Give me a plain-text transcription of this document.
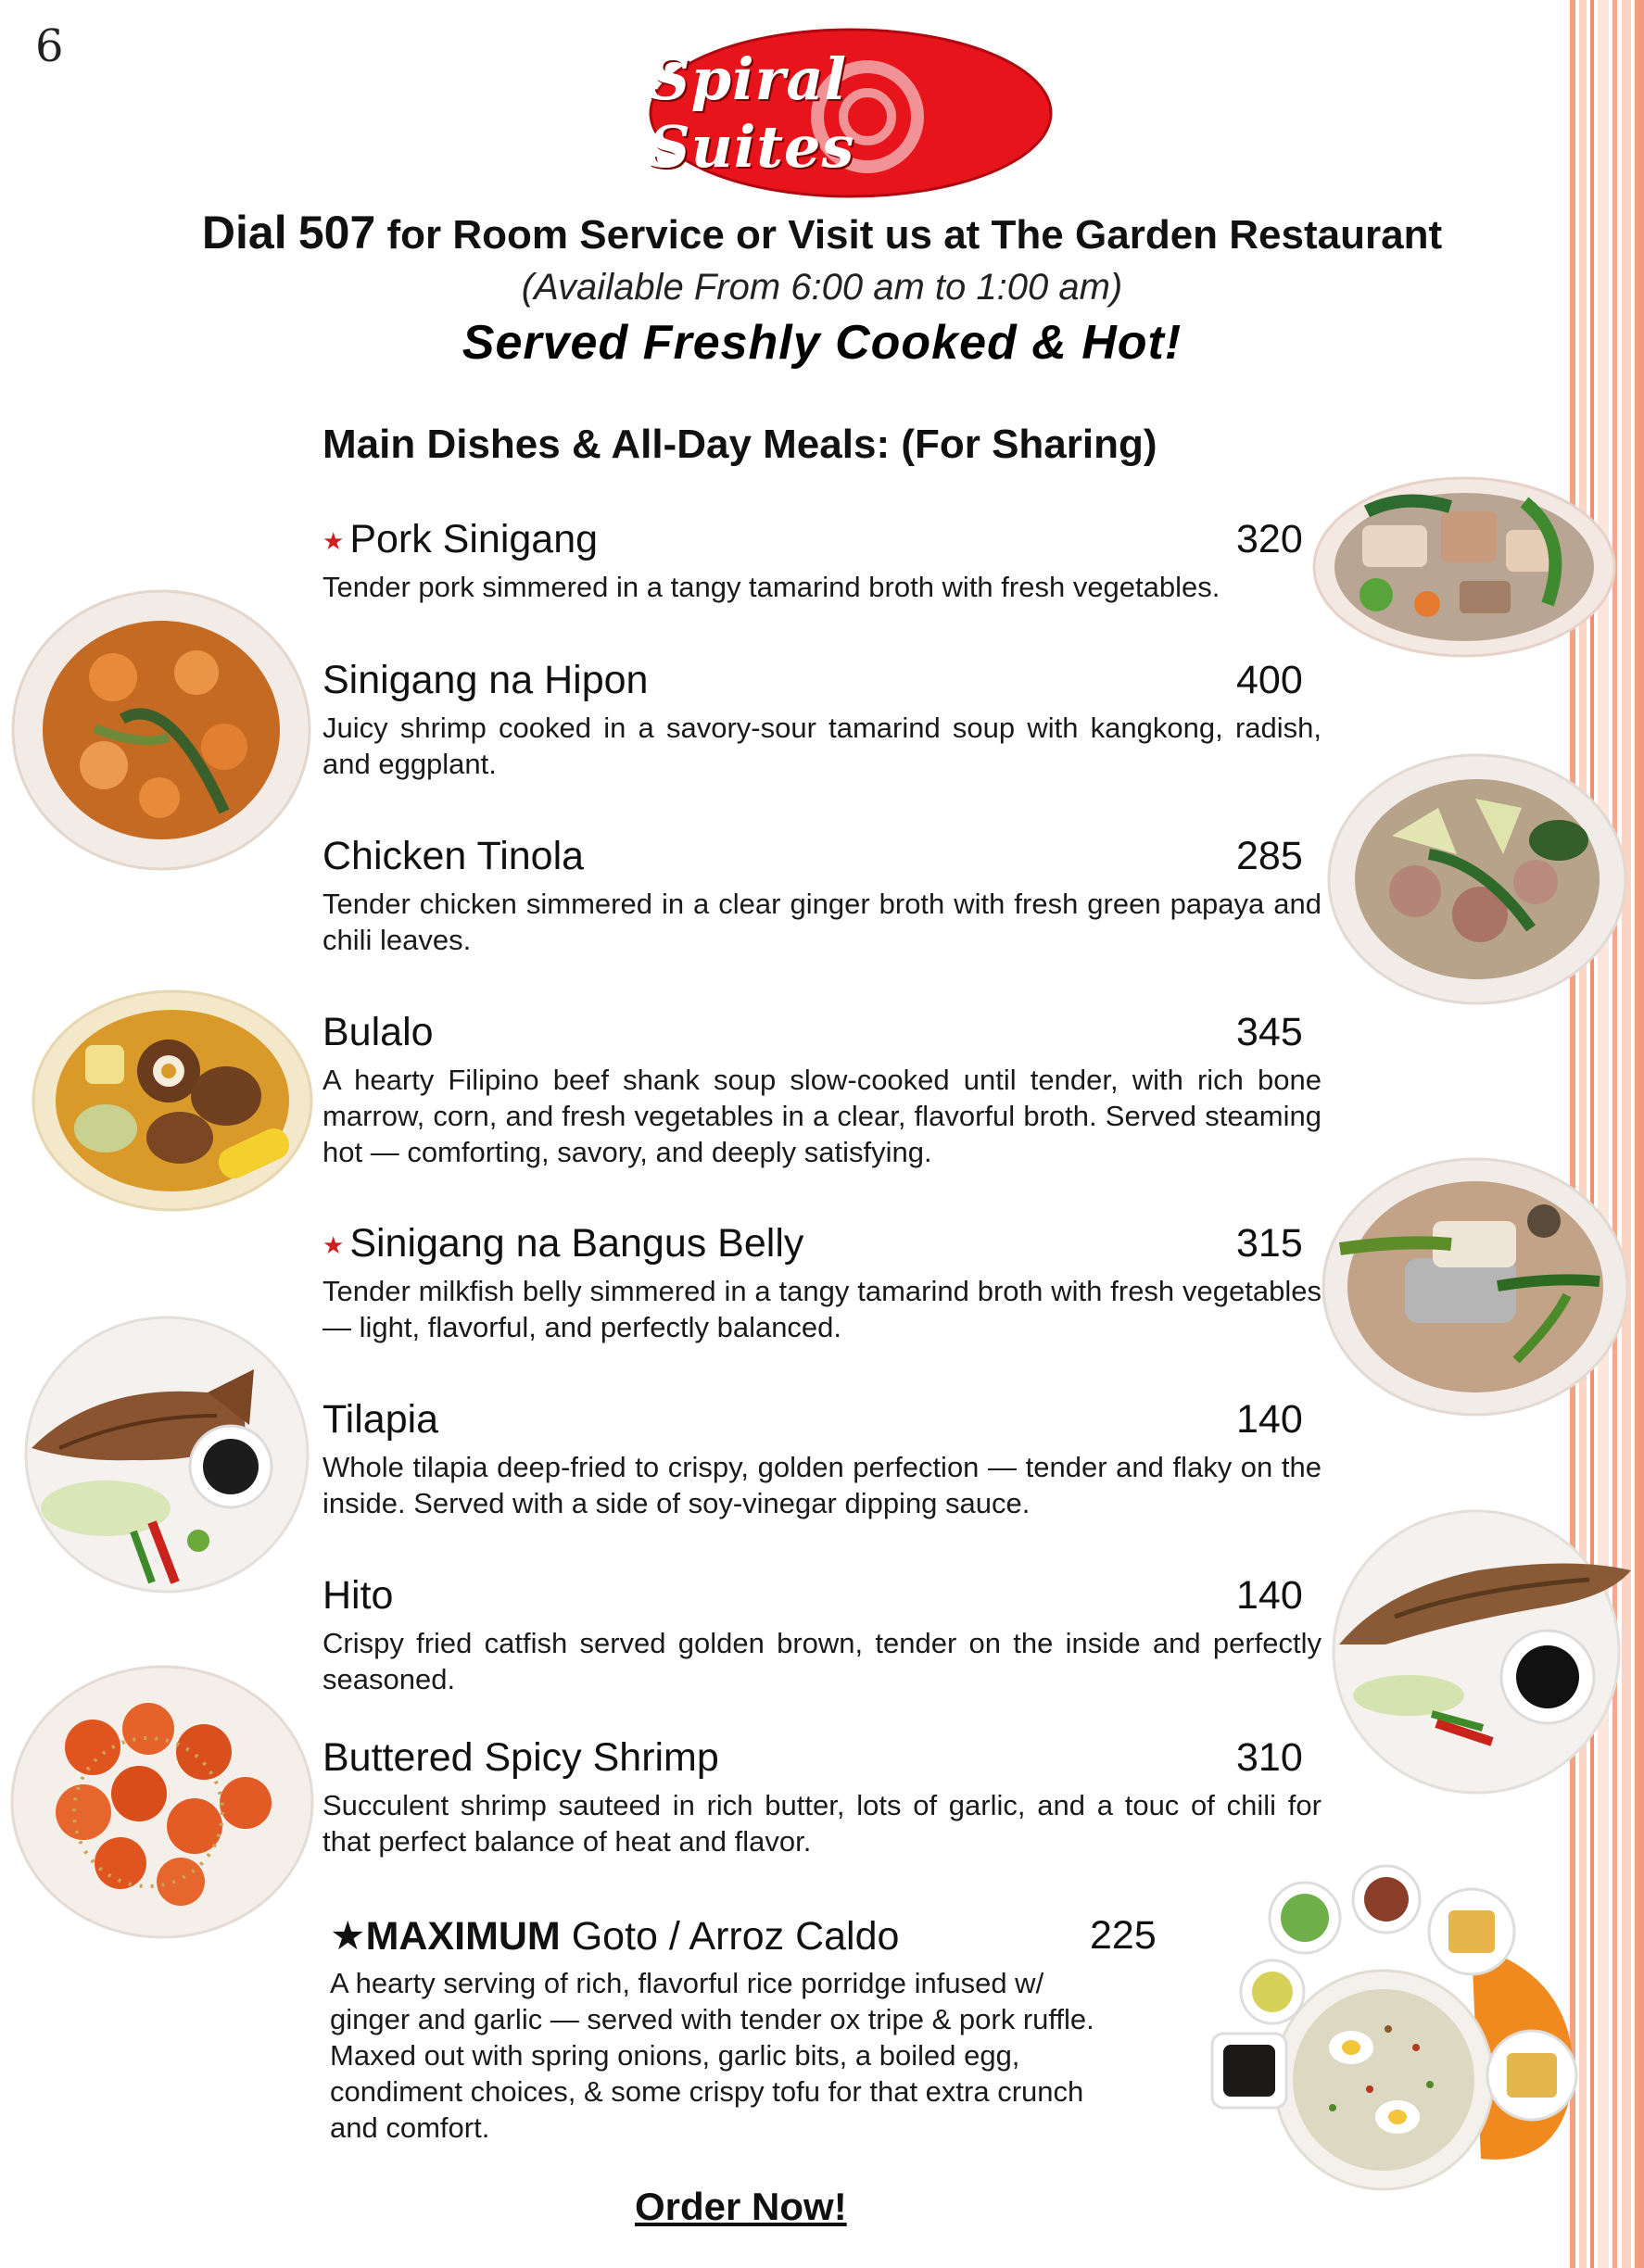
6	Spiral Suites
Dial 507 for Room Service or Visit us at The Garden Restaurant
(Available From 6:00 am to 1:00 am)
Served Freshly Cooked & Hot!
Main Dishes & All-Day Meals: (For Sharing)
★ Pork Sinigang	320
Tender pork simmered in a tangy tamarind broth with fresh vegetables.
Sinigang na Hipon	400
Juicy shrimp cooked in a savory-sour tamarind soup with kangkong, radish, and eggplant.
Chicken Tinola	285
Tender chicken simmered in a clear ginger broth with fresh green papaya and chili leaves.
Bulalo	345
A hearty Filipino beef shank soup slow-cooked until tender, with rich bone marrow, corn, and fresh vegetables in a clear, flavorful broth. Served steaming hot — comforting, savory, and deeply satisfying.
★ Sinigang na Bangus Belly	315
Tender milkfish belly simmered in a tangy tamarind broth with fresh vegetables — light, flavorful, and perfectly balanced.
Tilapia	140
Whole tilapia deep-fried to crispy, golden perfection — tender and flaky on the inside. Served with a side of soy-vinegar dipping sauce.
Hito	140
Crispy fried catfish served golden brown, tender on the inside and perfectly seasoned.
Buttered Spicy Shrimp	310
Succulent shrimp sauteed in rich butter, lots of garlic, and a touc of chili for that perfect balance of heat and flavor.
★MAXIMUM Goto / Arroz Caldo	225
A hearty serving of rich, flavorful rice porridge infused w/
ginger and garlic — served with tender ox tripe & pork ruffle.
Maxed out with spring onions, garlic bits, a boiled egg,
condiment choices, & some crispy tofu for that extra crunch
and comfort.
Order Now!
